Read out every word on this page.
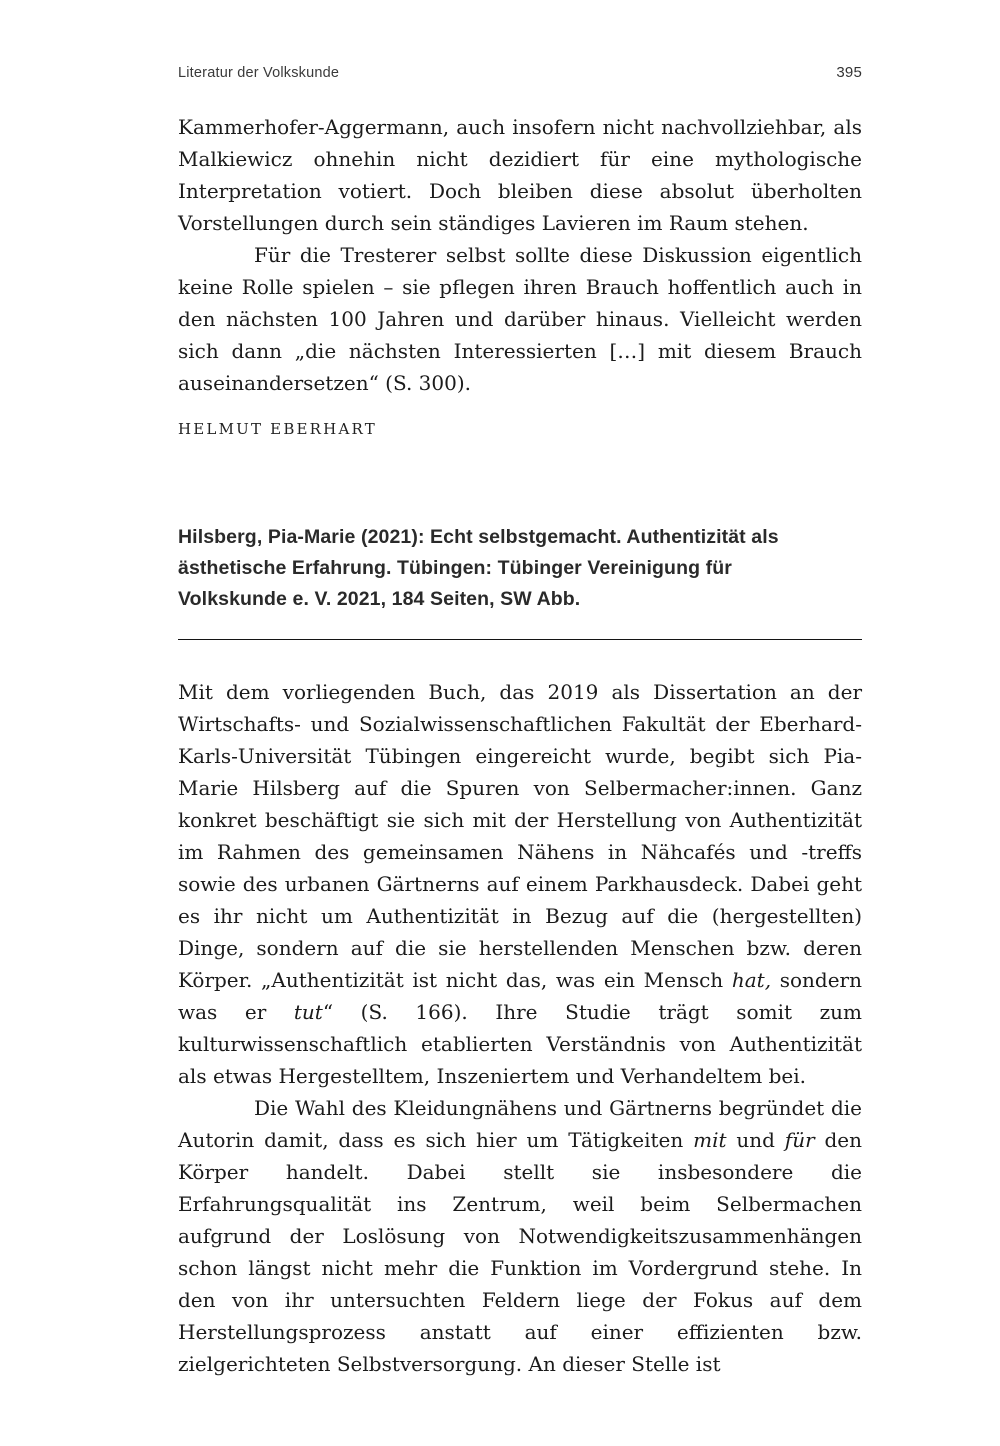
Literatur der Volkskunde	395

Kammerhofer-Aggermann, auch insofern nicht nachvollziehbar, als Malkiewicz ohnehin nicht dezidiert für eine mythologische Interpretation votiert. Doch bleiben diese absolut überholten Vorstellungen durch sein ständiges Lavieren im Raum stehen.

Für die Tresterer selbst sollte diese Diskussion eigentlich keine Rolle spielen – sie pflegen ihren Brauch hoffentlich auch in den nächsten 100 Jahren und darüber hinaus. Vielleicht werden sich dann „die nächsten Interessierten […] mit diesem Brauch auseinandersetzen“ (S. 300).

HELMUT EBERHART
Hilsberg, Pia-Marie (2021): Echt selbstgemacht. Authentizität als ästhetische Erfahrung. Tübingen: Tübinger Vereinigung für Volkskunde e. V. 2021, 184 Seiten, SW Abb.

Mit dem vorliegenden Buch, das 2019 als Dissertation an der Wirtschafts- und Sozialwissenschaftlichen Fakultät der Eberhard-Karls-Universität Tübingen eingereicht wurde, begibt sich Pia-Marie Hilsberg auf die Spuren von Selbermacher:innen. Ganz konkret beschäftigt sie sich mit der Herstellung von Authentizität im Rahmen des gemeinsamen Nähens in Nähcafés und -treffs sowie des urbanen Gärtnerns auf einem Parkhausdeck. Dabei geht es ihr nicht um Authentizität in Bezug auf die (hergestellten) Dinge, sondern auf die sie herstellenden Menschen bzw. deren Körper. „Authentizität ist nicht das, was ein Mensch hat, sondern was er tut“ (S. 166). Ihre Studie trägt somit zum kulturwissenschaftlich etablierten Verständnis von Authentizität als etwas Hergestelltem, Inszeniertem und Verhandeltem bei.

Die Wahl des Kleidungnähens und Gärtnerns begründet die Autorin damit, dass es sich hier um Tätigkeiten mit und für den Körper handelt. Dabei stellt sie insbesondere die Erfahrungsqualität ins Zentrum, weil beim Selbermachen aufgrund der Loslösung von Notwendigkeitszusammenhängen schon längst nicht mehr die Funktion im Vordergrund stehe. In den von ihr untersuchten Feldern liege der Fokus auf dem Herstellungsprozess anstatt auf einer effizienten bzw. zielgerichteten Selbstversorgung. An dieser Stelle ist
